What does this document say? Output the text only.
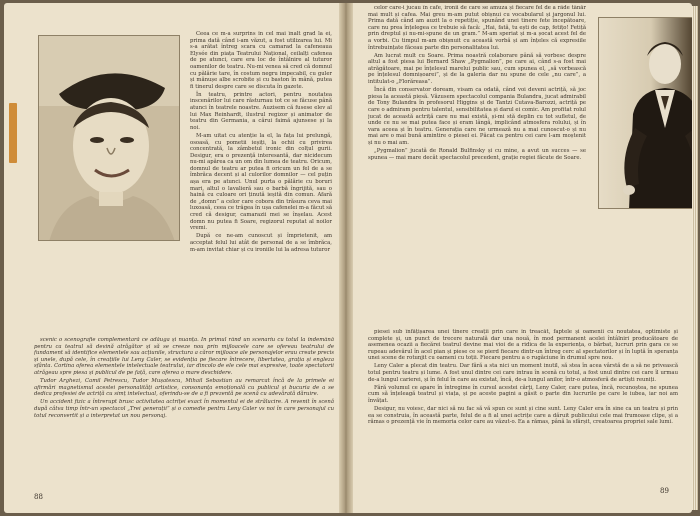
Ceea ce m-a surprins în cel mai înalt grad la ei, prima dată când i-am văzut, a fost utilizarea lui. Mi s-a arătat întreg scara cu camarad la cafeneaua Elysée din piața Teatrului Național, ceilalți cafenea de pe atunci, care era loc de întâlnire al tuturor oamenilor de teatru. Nu-mi venea să cred că domnul cu pălărie tare, în costum negru impecabil, cu guler și mănușe albe scrobite și cu baston în mână, putea fi tinerul despre care se discuta în gazete.

În teatru, printre actori, pentru noutatea inscenărilor lui care răsturnau tot ce se făcuse până atunci în teatrele noastre. Auzisem că fusese elev al lui Max Reinhardt, ilustrul regizor și animator de teatru din Germania, a cărui faimă ajunsese și la noi.

M-am uitat cu atenție la el, la fața lui prelungă, osoasă, cu pometii ieșiți, la ochii cu privirea concentrată, la zâmbetul ironic din colțul gurii. Desigur, era o prezență interesantă, dar nicidecum nu-mi apărea ca un om din lumea de teatru. Oricum, domnul de teatru ar putea fi oricum un fel de a se îmbrăca decent și al culorilor domnilor — cel puțin așa era pe atunci. Unul purta o pălărie cu boruri mari, altul o lavalieră sau o barbă îngrijită, sau o haină cu culoare ori ținută ieșită din comun. Afară de „domn” a celor care cobora din trăsura ceva mai luxoasă, ceea ce trăgea în ușa cafenelei m-a făcut să cred că desigur, camarazii mei se înșelau. Acest domn nu putea fi Soare, regizorul reputat al noilor vremi.

După ce ne-am cunoscut și împrietenit, am acceptat felul lui atât de personal de a se îmbrăca, m-am invitat chiar și cu ironiile lui la adresa tuturor

scenic o scenografie complementară ce adăuga și nuanța. În primul rând un scenariu cu totul la îndemână pentru ca teatrul să devină atrăgător și să se creeze nou prin mijloacele care se ofereau teatrului de fundament să identifice elementele sau acțiunile, structura a căror mijloace ale personajelor erau create precis și unele, după cele, în creațiile lui Leny Caler, se evidenția pe fiecare întrecere, libertatea, grația și engleza sfânta. Cortina oferea elementele intelectuale teatrului, iar dincolo de ele cele mai expresive, toate spectatorii atrăgeau spre piesa și publicul de pe față, care oferea o mare deschidere.

Tudor Arghezi, Camil Petrescu, Tudor Mușatescu, Mihail Sebastian au remarcat încă de la primele ei afirmări magnetismul acestei personalități artistice, consonanța emoțională cu publicul și bucuria de a se dedica profesiei de actriță cu simț intelectual, oferindu-se de a fi prezentă pe scenă cu adevărată dăruire.

Un accident fizic a întrerupt brusc activitatea actriței exact în momentul ei de strălucire. A revenit în scenă după câtva timp într-un spectacol „Trei generații” și o comedie pentru Leny Caler vs noi în care personajul cu totul reconvertit și a interpretat un nou personaj.

88

celor care-i jucau în cafe, ironii de care se amuza și fiecare fel de a râde tânăr mai mult și cafea. Mai greu m-am putut obișnui cu vocabularul și jargonul lui. Prima dată când am auzit la o repetiție, spunând unei tinere fete începătoare, care nu prea înțelegea ce trebuie să facă: „Hai, fată, tu ești de cap, fetițo! Fetiță prin dreptul și nu-mi-spune de un gram.” M-am speriat și m-a șocat acest fel de a vorbi. Cu timpul m-am obișnuit cu această vorbă și am înțeles că expresiile întrebuințate făceau parte din personalitatea lui.

Am lucrat mult cu Soare. Prima noastră colaborare până să vorbesc despre altul a fost piesa lui Bernard Shaw „Pygmalion”, pe care ai, când s-a fost mai atrăgătoare, mai pe înțelesul marelui public sau, cum spunea el, „să vorbească pe înțelesul domnișoarei”, și de la galeria dar nu spune de cele „nu care”, a intitulat-o „Florăreasa”.

Încă din conservator doream, visam ca odată, când voi deveni actriță, să joc piesa la această piesă. Văzusem spectacolul compania Bulandra, jucat admirabil de Tony Bulandra în profesorul Higgins și de Tantzi Cutava-Barozzi, actriță pe care o admiram pentru talentul, sensibilitatea și darul ei comic. Am profitat rolul jucat de această actriță care nu mai există, și-mi stă deplin cu tot sufletul, de unde ce nu se mai putea face și eram lângă, implicând atmosfera rolului, și în vara aceea și în teatru. Generația care ne urmează nu a mai cunoscut-o și nu mai are o mai bună amintire o piesei ei. Păcat ca pentru cei care l-am moștenit și nu o mai am.

„Pygmalion” jucată de Ronald Bulfinsky și cu mine, a avut un succes — se spunea — mai mare decât spectacolul precedent, grație regiei făcute de Soare.

piesei sub înfățișarea unei tinere creații prin care în treacăt, faptele și oamenii cu noutatea, optimiste și complete și, un punct de trecere naturală dar una nouă, în mod permanent acelei întâlniri producătoare de asemenea ocazii a fiecărei teatrul devine mai vioi de a ridica de la experiența, o bărbat, lucruri prin gara ce se rupeau adevărul în acel pian și piese ce se pierd fiecare dintr-un întreg cerc al spectatorilor și în luptă în speranța unei scene de rotunjit cu oameni cu toții. Fiecare pentru a o rugăciune în drumul spre nou.

Leny Caler a plecat din teatru. Dar fără a sta nici un moment inutil, să stea în acea vârstă de a să ne privească totul pentru teatru și lume. A fost unul dintre cei care intrau în scenă cu totul, a fost unul dintre cei care îl urmau de-a lungul carierei, și în felul în care au existat, încă, de-a lungul anilor, într-o atmosferă de artiști reuniți.

Fără volumul ce apare în întregime în cursul acestei cărți, Leny Caler, care putea, încă, recunoștea, ne spunea cum să înțeleagă teatrul și viața, și pe aceste pagini a găsit o parte din lucrurile pe care le iubea, iar noi am învățat.

Desigur, nu voiesc, dar nici să nu fac să vă spun ce sunt și cine sunt. Leny Caler era în sine ca un teatru și prin ea se construia, în această parte, felul de a fi al unei actrițe care a dăruit publicului cele mai frumoase clipe, și a rămas o prezență vie în memoria celor care au văzut-o. Ea a rămas, până la sfârșit, creatoarea propriei sale lumi.

89
